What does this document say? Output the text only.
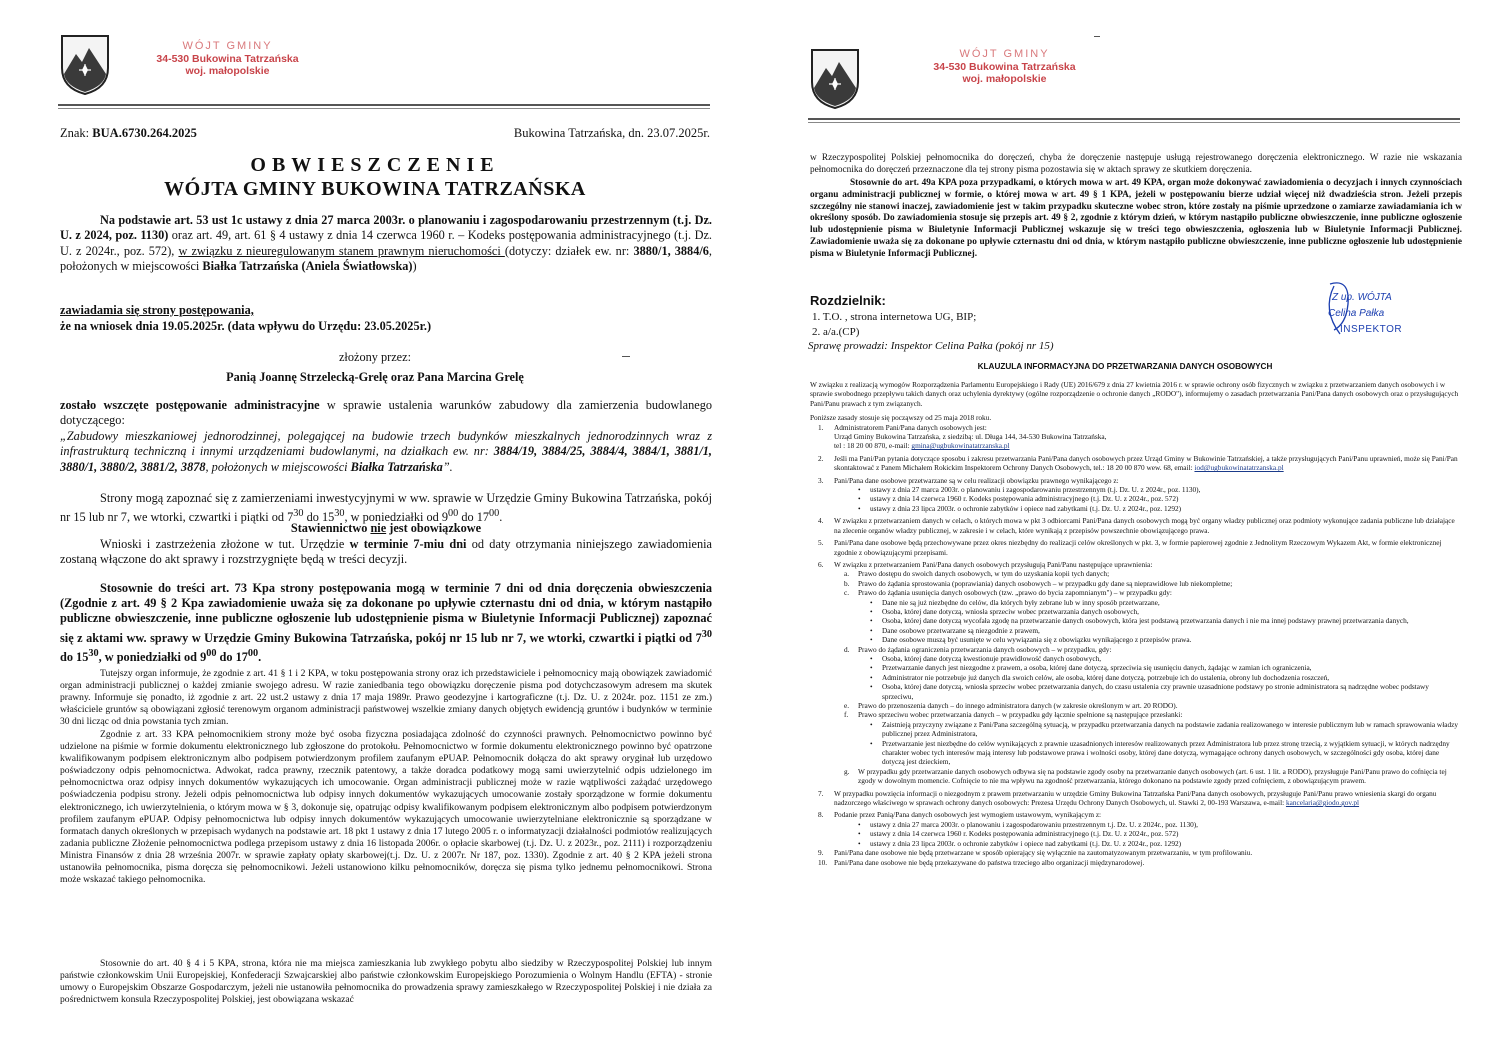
WÓJT GMINY
34-530 Bukowina Tatrzańska
woj. małopolskie
Znak: BUA.6730.264.2025	Bukowina Tatrzańska, dn. 23.07.2025r.
OBWIESZCZENIE
WÓJTA GMINY BUKOWINA TATRZAŃSKA
Na podstawie art. 53 ust 1c ustawy z dnia 27 marca 2003r. o planowaniu i zagospodarowaniu przestrzennym (t.j. Dz. U. z 2024, poz. 1130) oraz art. 49, art. 61 § 4 ustawy z dnia 14 czerwca 1960 r. – Kodeks postępowania administracyjnego (t.j. Dz. U. z 2024r., poz. 572), w związku z nieuregulowanym stanem prawnym nieruchomości (dotyczy: działek ew. nr: 3880/1, 3884/6, położonych w miejscowości Białka Tatrzańska (Aniela Światłowska))
zawiadamia się strony postępowania,
że na wniosek dnia 19.05.2025r. (data wpływu do Urzędu: 23.05.2025r.)
złożony przez:
Panią Joannę Strzelecką-Grelę oraz Pana Marcina Grelę
zostało wszczęte postępowanie administracyjne w sprawie ustalenia warunków zabudowy dla zamierzenia budowlanego dotyczącego:
„Zabudowy mieszkaniowej jednorodzinnej, polegającej na budowie trzech budynków mieszkalnych jednorodzinnych wraz z infrastrukturą techniczną i innymi urządzeniami budowlanymi, na działkach ew. nr: 3884/19, 3884/25, 3884/4, 3884/1, 3881/1, 3880/1, 3880/2, 3881/2, 3878, położonych w miejscowości Białka Tatrzańska”.
Strony mogą zapoznać się z zamierzeniami inwestycyjnymi w ww. sprawie w Urzędzie Gminy Bukowina Tatrzańska, pokój nr 15 lub nr 7, we wtorki, czwartki i piątki od $7^{30}$ do $15^{30}$, w poniedziałki od $9^{00}$ do $17^{00}$.
Stawiennictwo nie jest obowiązkowe
Wnioski i zastrzeżenia złożone w tut. Urzędzie w terminie 7-miu dni od daty otrzymania niniejszego zawiadomienia zostaną włączone do akt sprawy i rozstrzygnięte będą w treści decyzji.
Stosownie do treści art. 73 Kpa strony postępowania mogą w terminie 7 dni od dnia doręczenia obwieszczenia (Zgodnie z art. 49 § 2 Kpa zawiadomienie uważa się za dokonane po upływie czternastu dni od dnia, w którym nastąpiło publiczne obwieszczenie, inne publiczne ogłoszenie lub udostępnienie pisma w Biuletynie Informacji Publicznej) zapoznać się z aktami ww. sprawy w Urzędzie Gminy Bukowina Tatrzańska, pokój nr 15 lub nr 7, we wtorki, czwartki i piątki od $7^{30}$ do $15^{30}$, w poniedziałki od $9^{00}$ do $17^{00}$.
Tutejszy organ informuje, że zgodnie z art. 41 § 1 i 2 KPA, w toku postępowania strony oraz ich przedstawiciele i pełnomocnicy mają obowiązek zawiadomić organ administracji publicznej o każdej zmianie swojego adresu. W razie zaniedbania tego obowiązku doręczenie pisma pod dotychczasowym adresem ma skutek prawny. Informuje się ponadto, iż zgodnie z art. 22 ust.2 ustawy z dnia 17 maja 1989r. Prawo geodezyjne i kartograficzne (t.j. Dz. U. z 2024r. poz. 1151 ze zm.) właściciele gruntów są obowiązani zgłosić terenowym organom administracji państwowej wszelkie zmiany danych objętych ewidencją gruntów i budynków w terminie 30 dni licząc od dnia powstania tych zmian.
Zgodnie z art. 33 KPA pełnomocnikiem strony może być osoba fizyczna posiadająca zdolność do czynności prawnych. Pełnomocnictwo powinno być udzielone na piśmie w formie dokumentu elektronicznego lub zgłoszone do protokołu. Pełnomocnictwo w formie dokumentu elektronicznego powinno być opatrzone kwalifikowanym podpisem elektronicznym albo podpisem potwierdzonym profilem zaufanym ePUAP. Pełnomocnik dołącza do akt sprawy oryginał lub urzędowo poświadczony odpis pełnomocnictwa. Adwokat, radca prawny, rzecznik patentowy, a także doradca podatkowy mogą sami uwierzytelnić odpis udzielonego im pełnomocnictwa oraz odpisy innych dokumentów wykazujących ich umocowanie. Organ administracji publicznej może w razie wątpliwości zażądać urzędowego poświadczenia podpisu strony. Jeżeli odpis pełnomocnictwa lub odpisy innych dokumentów wykazujących umocowanie zostały sporządzone w formie dokumentu elektronicznego, ich uwierzytelnienia, o którym mowa w § 3, dokonuje się, opatrując odpisy kwalifikowanym podpisem elektronicznym albo podpisem potwierdzonym profilem zaufanym ePUAP. Odpisy pełnomocnictwa lub odpisy innych dokumentów wykazujących umocowanie uwierzytelniane elektronicznie są sporządzane w formatach danych określonych w przepisach wydanych na podstawie art. 18 pkt 1 ustawy z dnia 17 lutego 2005 r. o informatyzacji działalności podmiotów realizujących zadania publiczne Złożenie pełnomocnictwa podlega przepisom ustawy z dnia 16 listopada 2006r. o opłacie skarbowej (t.j. Dz. U. z 2023r., poz. 2111) i rozporządzeniu Ministra Finansów z dnia 28 września 2007r. w sprawie zapłaty opłaty skarbowej(t.j. Dz. U. z 2007r. Nr 187, poz. 1330). Zgodnie z art. 40 § 2 KPA jeżeli strona ustanowiła pełnomocnika, pisma doręcza się pełnomocnikowi. Jeżeli ustanowiono kilku pełnomocników, doręcza się pisma tylko jednemu pełnomocnikowi. Strona może wskazać takiego pełnomocnika.
Stosownie do art. 40 § 4 i 5 KPA, strona, która nie ma miejsca zamieszkania lub zwykłego pobytu albo siedziby w Rzeczypospolitej Polskiej lub innym państwie członkowskim Unii Europejskiej, Konfederacji Szwajcarskiej albo państwie członkowskim Europejskiego Porozumienia o Wolnym Handlu (EFTA) - stronie umowy o Europejskim Obszarze Gospodarczym, jeżeli nie ustanowiła pełnomocnika do prowadzenia sprawy zamieszkałego w Rzeczypospolitej Polskiej i nie działa za pośrednictwem konsula Rzeczypospolitej Polskiej, jest obowiązana wskazać
WÓJT GMINY
34-530 Bukowina Tatrzańska
woj. małopolskie
w Rzeczypospolitej Polskiej pełnomocnika do doręczeń, chyba że doręczenie następuje usługą rejestrowanego doręczenia elektronicznego. W razie nie wskazania pełnomocnika do doręczeń przeznaczone dla tej strony pisma pozostawia się w aktach sprawy ze skutkiem doręczenia.
Stosownie do art. 49a KPA poza przypadkami, o których mowa w art. 49 KPA, organ może dokonywać zawiadomienia o decyzjach i innych czynnościach organu administracji publicznej w formie, o której mowa w art. 49 § 1 KPA, jeżeli w postępowaniu bierze udział więcej niż dwadzieścia stron. Jeżeli przepis szczególny nie stanowi inaczej, zawiadomienie jest w takim przypadku skuteczne wobec stron, które zostały na piśmie uprzedzone o zamiarze zawiadamiania ich w określony sposób. Do zawiadomienia stosuje się przepis art. 49 § 2, zgodnie z którym dzień, w którym nastąpiło publiczne obwieszczenie, inne publiczne ogłoszenie lub udostępnienie pisma w Biuletynie Informacji Publicznej wskazuje się w treści tego obwieszczenia, ogłoszenia lub w Biuletynie Informacji Publicznej. Zawiadomienie uważa się za dokonane po upływie czternastu dni od dnia, w którym nastąpiło publiczne obwieszczenie, inne publiczne ogłoszenie lub udostępnienie pisma w Biuletynie Informacji Publicznej.
Rozdzielnik:
1. T.O. , strona internetowa UG, BIP;
2. a/a.(CP)
Sprawę prowadzi: Inspektor Celina Pałka (pokój nr 15)
Z up. WÓJTA
Celina Pałka
INSPEKTOR
KLAUZULA INFORMACYJNA DO PRZETWARZANIA DANYCH OSOBOWYCH
W związku z realizacją wymogów Rozporządzenia Parlamentu Europejskiego i Rady (UE) 2016/679 z dnia 27 kwietnia 2016 r. w sprawie ochrony osób fizycznych w związku z przetwarzaniem danych osobowych i w sprawie swobodnego przepływu takich danych oraz uchylenia dyrektywy (ogólne rozporządzenie o ochronie danych „RODO"), informujemy o zasadach przetwarzania Pani/Pana danych osobowych oraz o przysługujących Pani/Panu prawach z tym związanych.
Poniższe zasady stosuje się począwszy od 25 maja 2018 roku.
1. Administratorem Pani/Pana danych osobowych jest:
Urząd Gminy Bukowina Tatrzańska, z siedzibą: ul. Długa 144, 34-530 Bukowina Tatrzańska,
tel : 18 20 00 870, e-mail: gmina@ugbukowinatatrzanska.pl
2. Jeśli ma Pani/Pan pytania dotyczące sposobu i zakresu przetwarzania Pani/Pana danych osobowych przez Urząd Gminy w Bukowinie Tatrzańskiej, a także przysługujących Pani/Panu uprawnień, może się Pani/Pan skontaktować z Panem Michałem Rokickim Inspektorem Ochrony Danych Osobowych, tel.: 18 20 00 870 wew. 68, email: iod@ugbukowinatatrzanska.pl
3. Pani/Pana dane osobowe przetwarzane są w celu realizacji obowiązku prawnego wynikającego z:
• ustawy z dnia 27 marca 2003r. o planowaniu i zagospodarowaniu przestrzennym (t.j. Dz. U. z 2024r., poz. 1130),
• ustawy z dnia 14 czerwca 1960 r. Kodeks postępowania administracyjnego (t.j. Dz. U. z 2024r., poz. 572)
• ustawy z dnia 23 lipca 2003r. o ochronie zabytków i opiece nad zabytkami (t.j. Dz. U. z 2024r., poz. 1292)
4. W związku z przetwarzaniem danych w celach, o których mowa w pkt 3 odbiorcami Pani/Pana danych osobowych mogą być organy władzy publicznej oraz podmioty wykonujące zadania publiczne lub działające na zlecenie organów władzy publicznej, w zakresie i w celach, które wynikają z przepisów powszechnie obowiązującego prawa.
5. Pani/Pana dane osobowe będą przechowywane przez okres niezbędny do realizacji celów określonych w pkt. 3, w formie papierowej zgodnie z Jednolitym Rzeczowym Wykazem Akt, w formie elektronicznej zgodnie z obowiązującymi przepisami.
6. W związku z przetwarzaniem Pani/Pana danych osobowych przysługują Pani/Panu następujące uprawnienia:
a. Prawo dostępu do swoich danych osobowych, w tym do uzyskania kopii tych danych;
b. Prawo do żądania sprostowania (poprawiania) danych osobowych – w przypadku gdy dane są nieprawidłowe lub niekompletne;
c. Prawo do żądania usunięcia danych osobowych (tzw. „prawo do bycia zapomnianym") – w przypadku gdy:
• Dane nie są już niezbędne do celów, dla których były zebrane lub w inny sposób przetwarzane,
• Osoba, której dane dotyczą, wniosła sprzeciw wobec przetwarzania danych osobowych,
• Osoba, której dane dotyczą wycofała zgodę na przetwarzanie danych osobowych, która jest podstawą przetwarzania danych i nie ma innej podstawy prawnej przetwarzania danych,
• Dane osobowe przetwarzane są niezgodnie z prawem,
• Dane osobowe muszą być usunięte w celu wywiązania się z obowiązku wynikającego z przepisów prawa.
d. Prawo do żądania ograniczenia przetwarzania danych osobowych – w przypadku, gdy:
• Osoba, której dane dotyczą kwestionuje prawidłowość danych osobowych,
• Przetwarzanie danych jest niezgodne z prawem, a osoba, której dane dotyczą, sprzeciwia się usunięciu danych, żądając w zamian ich ograniczenia,
• Administrator nie potrzebuje już danych dla swoich celów, ale osoba, której dane dotyczą, potrzebuje ich do ustalenia, obrony lub dochodzenia roszczeń,
• Osoba, której dane dotyczą, wniosła sprzeciw wobec przetwarzania danych, do czasu ustalenia czy prawnie uzasadnione podstawy po stronie administratora są nadrzędne wobec podstawy sprzeciwu,
e. Prawo do przenoszenia danych – do innego administratora danych (w zakresie określonym w art. 20 RODO).
f. Prawo sprzeciwu wobec przetwarzania danych – w przypadku gdy łącznie spełnione są następujące przesłanki:
• Zaistnieją przyczyny związane z Pani/Pana szczególną sytuacją, w przypadku przetwarzania danych na podstawie zadania realizowanego w interesie publicznym lub w ramach sprawowania władzy publicznej przez Administratora,
• Przetwarzanie jest niezbędne do celów wynikających z prawnie uzasadnionych interesów realizowanych przez Administratora lub przez stronę trzecią, z wyjątkiem sytuacji, w których nadrzędny charakter wobec tych interesów mają interesy lub podstawowe prawa i wolności osoby, której dane dotyczą, wymagające ochrony danych osobowych, w szczególności gdy osoba, której dane dotyczą jest dzieckiem,
g. W przypadku gdy przetwarzanie danych osobowych odbywa się na podstawie zgody osoby na przetwarzanie danych osobowych (art. 6 ust. 1 lit. a RODO), przysługuje Pani/Panu prawo do cofnięcia tej zgody w dowolnym momencie. Cofnięcie to nie ma wpływu na zgodność przetwarzania, którego dokonano na podstawie zgody przed cofnięciem, z obowiązującym prawem.
7. W przypadku powzięcia informacji o niezgodnym z prawem przetwarzaniu w urzędzie Gminy Bukowina Tatrzańska Pani/Pana danych osobowych, przysługuje Pani/Panu prawo wniesienia skargi do organu nadzorczego właściwego w sprawach ochrony danych osobowych: Prezesa Urzędu Ochrony Danych Osobowych, ul. Stawki 2, 00-193 Warszawa, e-mail: kancelaria@giodo.gov.pl
8. Podanie przez Panią/Pana danych osobowych jest wymogiem ustawowym, wynikającym z:
• ustawy z dnia 27 marca 2003r. o planowaniu i zagospodarowaniu przestrzennym t.j. Dz. U. z 2024r., poz. 1130),
• ustawy z dnia 14 czerwca 1960 r. Kodeks postępowania administracyjnego (t.j. Dz. U. z 2024r., poz. 572)
• ustawy z dnia 23 lipca 2003r. o ochronie zabytków i opiece nad zabytkami (t.j. Dz. U. z 2024r., poz. 1292)
9. Pani/Pana dane osobowe nie będą przetwarzane w sposób opierający się wyłącznie na zautomatyzowanym przetwarzaniu, w tym profilowaniu.
10. Pani/Pana dane osobowe nie będą przekazywane do państwa trzeciego albo organizacji międzynarodowej.
